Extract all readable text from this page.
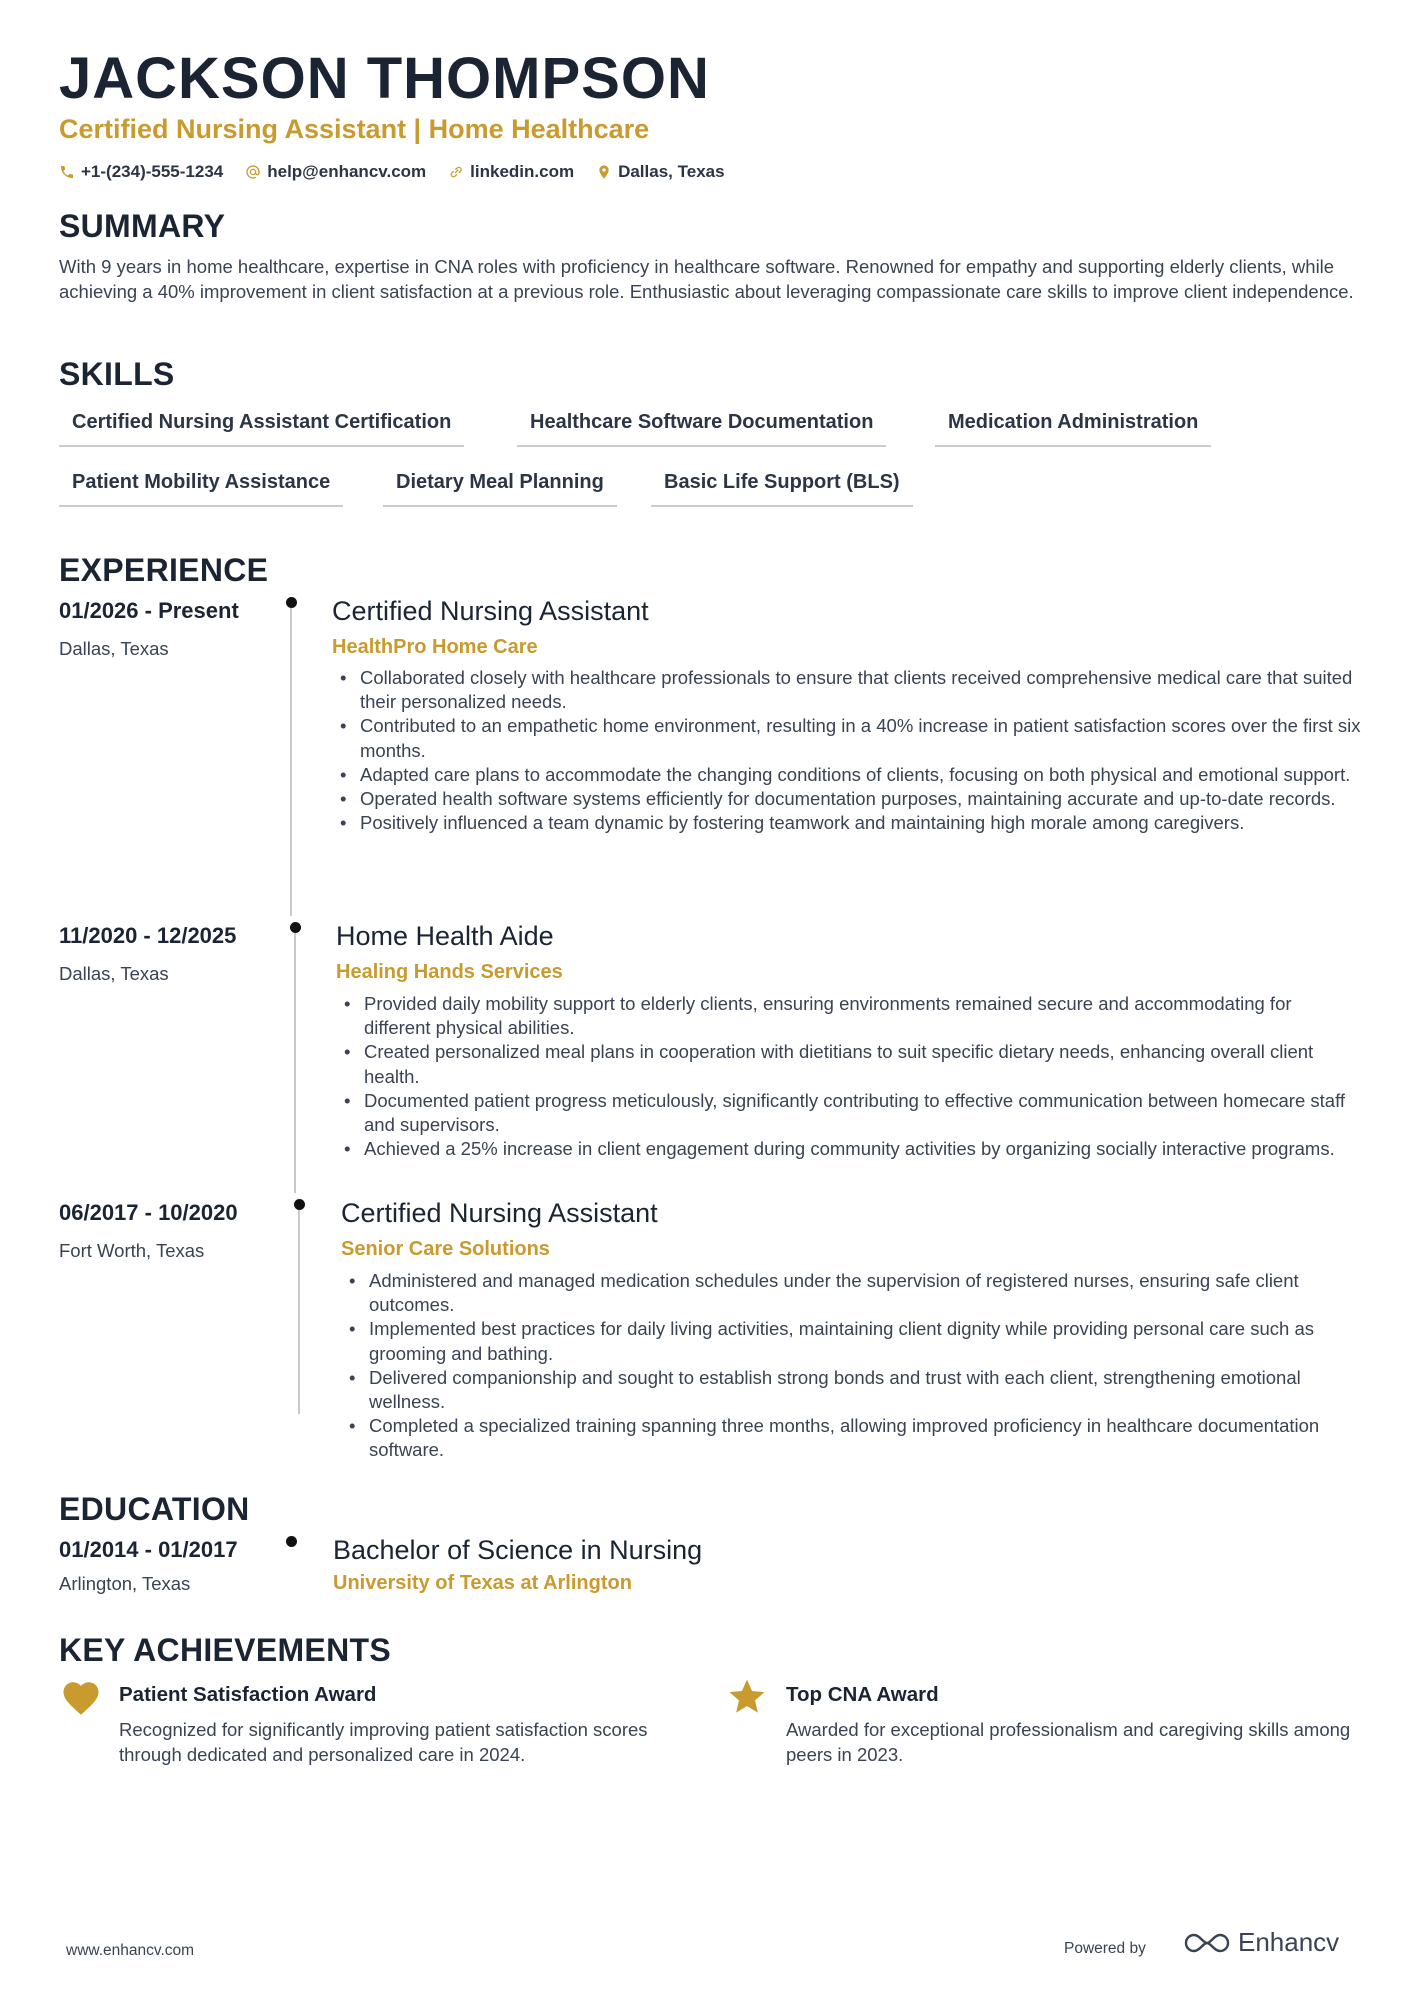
JACKSON THOMPSON
Certified Nursing Assistant | Home Healthcare
+1-(234)-555-1234	help@enhancv.com	linkedin.com	Dallas, Texas
SUMMARY
With 9 years in home healthcare, expertise in CNA roles with proficiency in healthcare software. Renowned for empathy and supporting elderly clients, while achieving a 40% improvement in client satisfaction at a previous role. Enthusiastic about leveraging compassionate care skills to improve client independence.
SKILLS
Certified Nursing Assistant Certification	Healthcare Software Documentation	Medication Administration
Patient Mobility Assistance	Dietary Meal Planning	Basic Life Support (BLS)
EXPERIENCE
01/2026 - Present
Dallas, Texas
Certified Nursing Assistant
HealthPro Home Care
• Collaborated closely with healthcare professionals to ensure that clients received comprehensive medical care that suited their personalized needs.
• Contributed to an empathetic home environment, resulting in a 40% increase in patient satisfaction scores over the first six months.
• Adapted care plans to accommodate the changing conditions of clients, focusing on both physical and emotional support.
• Operated health software systems efficiently for documentation purposes, maintaining accurate and up-to-date records.
• Positively influenced a team dynamic by fostering teamwork and maintaining high morale among caregivers.
11/2020 - 12/2025
Dallas, Texas
Home Health Aide
Healing Hands Services
• Provided daily mobility support to elderly clients, ensuring environments remained secure and accommodating for different physical abilities.
• Created personalized meal plans in cooperation with dietitians to suit specific dietary needs, enhancing overall client health.
• Documented patient progress meticulously, significantly contributing to effective communication between homecare staff and supervisors.
• Achieved a 25% increase in client engagement during community activities by organizing socially interactive programs.
06/2017 - 10/2020
Fort Worth, Texas
Certified Nursing Assistant
Senior Care Solutions
• Administered and managed medication schedules under the supervision of registered nurses, ensuring safe client outcomes.
• Implemented best practices for daily living activities, maintaining client dignity while providing personal care such as grooming and bathing.
• Delivered companionship and sought to establish strong bonds and trust with each client, strengthening emotional wellness.
• Completed a specialized training spanning three months, allowing improved proficiency in healthcare documentation software.
EDUCATION
01/2014 - 01/2017
Arlington, Texas
Bachelor of Science in Nursing
University of Texas at Arlington
KEY ACHIEVEMENTS
Patient Satisfaction Award
Recognized for significantly improving patient satisfaction scores through dedicated and personalized care in 2024.
Top CNA Award
Awarded for exceptional professionalism and caregiving skills among peers in 2023.
www.enhancv.com	Powered by	Enhancv
